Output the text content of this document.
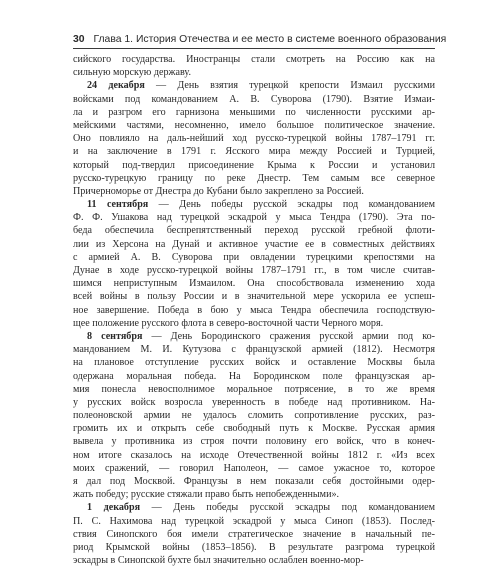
30 Глава 1. История Отечества и ее место в системе военного образования
сийского государства. Иностранцы стали смотреть на Россию как на
сильную морскую державу.
24 декабря — День взятия турецкой крепости Измаил русскими
войсками под командованием А. В. Суворова (1790). Взятие Измаи-
ла и разгром его гарнизона меньшими по численности русскими ар-
мейскими частями, несомненно, имело большое политическое значение.
Оно повлияло на даль-нейший ход русско-турецкой войны 1787–1791 гг.
и на заключение в 1791 г. Ясского мира между Россией и Турцией,
который под-твердил присоединение Крыма к России и установил
русско-турецкую границу по реке Днестр. Тем самым все северное
Причерноморье от Днестра до Кубани было закреплено за Россией.
11 сентября — День победы русской эскадры под командованием
Ф. Ф. Ушакова над турецкой эскадрой у мыса Тендра (1790). Эта по-
беда обеспечила беспрепятственный переход русской гребной флоти-
лии из Херсона на Дунай и активное участие ее в совместных действиях
с армией А. В. Суворова при овладении турецкими крепостями на
Дунае в ходе русско-турецкой войны 1787–1791 гг., в том числе считав-
шимся неприступным Измаилом. Она способствовала изменению хода
всей войны в пользу России и в значительной мере ускорила ее успеш-
ное завершение. Победа в бою у мыса Тендра обеспечила господствую-
щее положение русского флота в северо-восточной части Черного моря.
8 сентября — День Бородинского сражения русской армии под ко-
мандованием М. И. Кутузова с французской армией (1812). Несмотря
на плановое отступление русских войск и оставление Москвы была
одержана моральная победа. На Бородинском поле французская ар-
мия понесла невосполнимое моральное потрясение, в то же время
у русских войск возросла уверенность в победе над противником. На-
полеоновской армии не удалось сломить сопротивление русских, раз-
громить их и открыть себе свободный путь к Москве. Русская армия
вывела у противника из строя почти половину его войск, что в конеч-
ном итоге сказалось на исходе Отечественной войны 1812 г. «Из всех
моих сражений, — говорил Наполеон, — самое ужасное то, которое
я дал под Москвой. Французы в нем показали себя достойными одер-
жать победу; русские стяжали право быть непобежденными».
1 декабря — День победы русской эскадры под командованием
П. С. Нахимова над турецкой эскадрой у мыса Синоп (1853). Послед-
ствия Синопского боя имели стратегическое значение в начальный пе-
риод Крымской войны (1853–1856). В результате разгрома турецкой
эскадры в Синопской бухте был значительно ослаблен военно-мор-
